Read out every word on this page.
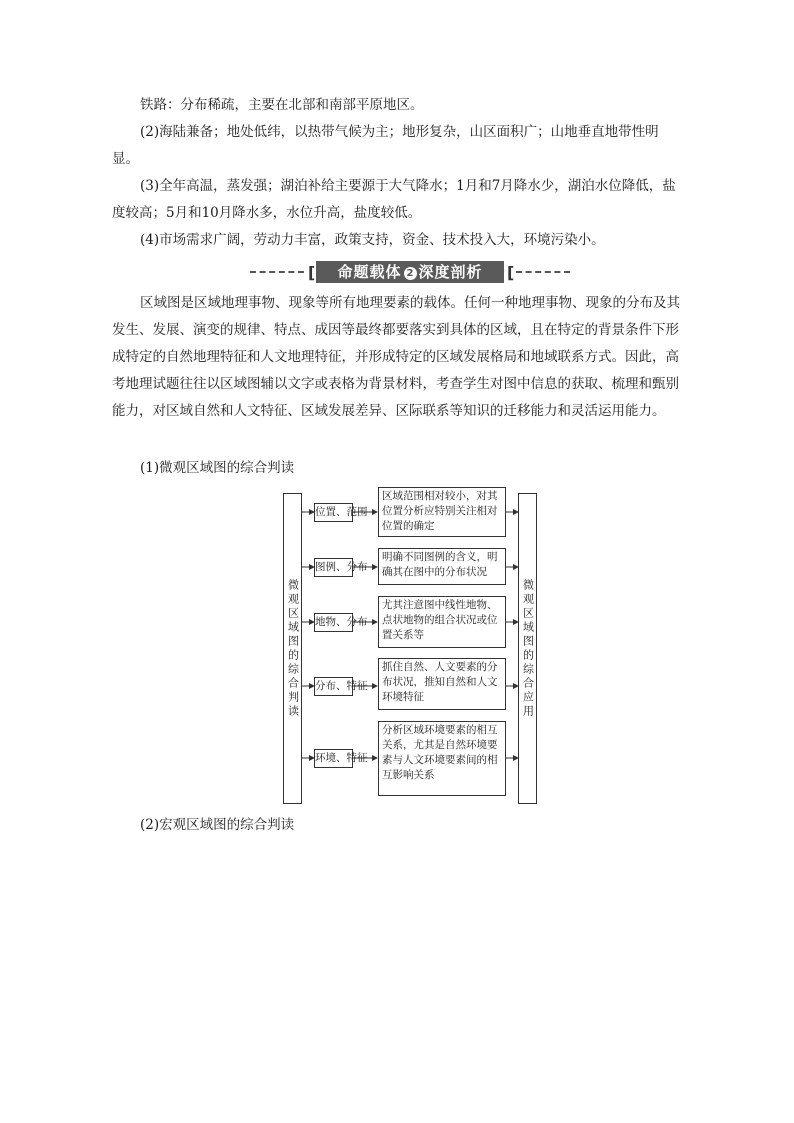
铁路：分布稀疏，主要在北部和南部平原地区。
(2)海陆兼备；地处低纬，以热带气候为主；地形复杂，山区面积广；山地垂直地带性明显。
(3)全年高温，蒸发强；湖泊补给主要源于大气降水；1月和7月降水少，湖泊水位降低，盐度较高；5月和10月降水多，水位升高，盐度较低。
(4)市场需求广阔，劳动力丰富，政策支持，资金、技术投入大，环境污染小。
[	命题载体 2 深度剖析	[
区域图是区域地理事物、现象等所有地理要素的载体。任何一种地理事物、现象的分布及其发生、发展、演变的规律、特点、成因等最终都要落实到具体的区域，且在特定的背景条件下形成特定的自然地理特征和人文地理特征，并形成特定的区域发展格局和地域联系方式。因此，高考地理试题往往以区域图辅以文字或表格为背景材料，考查学生对图中信息的获取、梳理和甄别能力，对区域自然和人文特征、区域发展差异、区际联系等知识的迁移能力和灵活运用能力。
(1)微观区域图的综合判读
微观区域图的综合判读	微观区域图的综合应用
位置、范围
区域范围相对较小，对其位置分析应特别关注相对位置的确定
图例、分布
明确不同图例的含义，明确其在图中的分布状况
地物、分布
尤其注意图中线性地物、点状地物的组合状况或位置关系等
分布、特征
抓住自然、人文要素的分布状况，推知自然和人文环境特征
环境、特征
分析区域环境要素的相互关系，尤其是自然环境要素与人文环境要素间的相互影响关系
(2)宏观区域图的综合判读
